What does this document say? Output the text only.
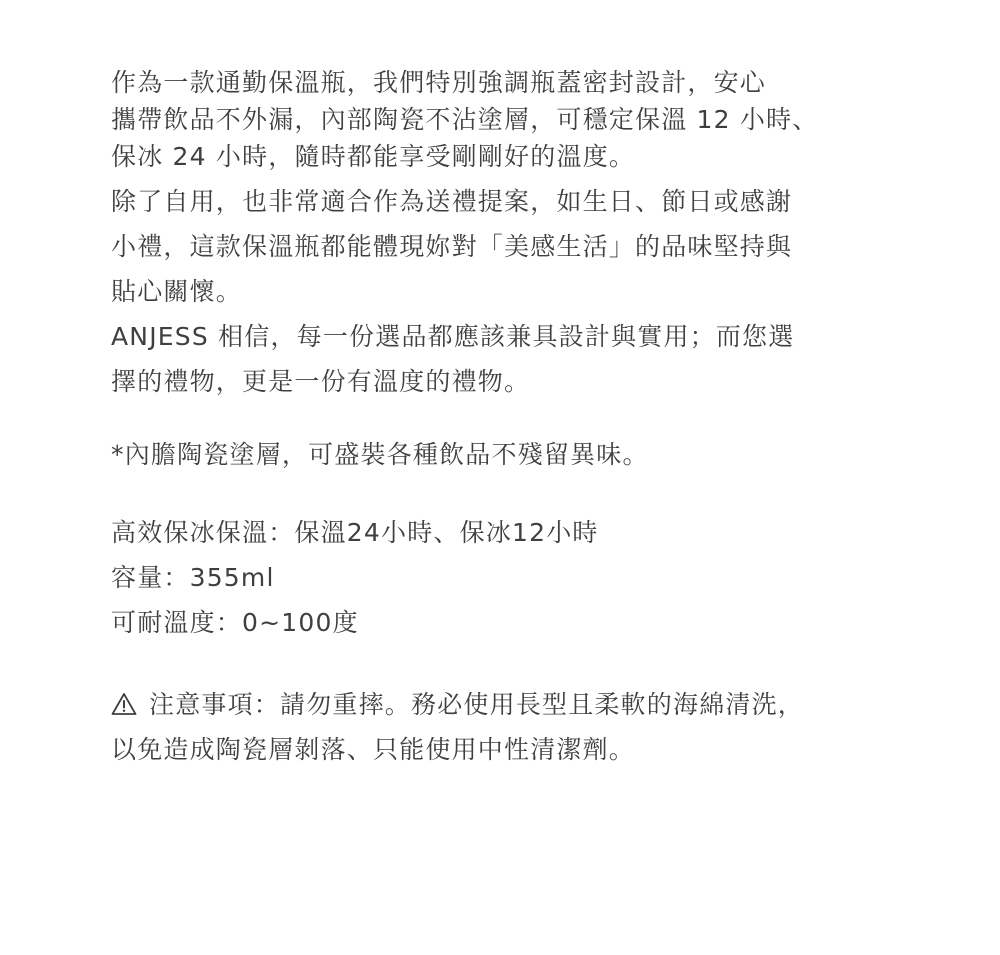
作為一款通勤保溫瓶，我們特別強調瓶蓋密封設計，安心
攜帶飲品不外漏，內部陶瓷不沾塗層，可穩定保溫 12 小時、
保冰 24 小時，隨時都能享受剛剛好的溫度。
除了自用，也非常適合作為送禮提案，如生日、節日或感謝
小禮，這款保溫瓶都能體現妳對「美感生活」的品味堅持與
貼心關懷。
ANJESS 相信，每一份選品都應該兼具設計與實用；而您選
擇的禮物，更是一份有溫度的禮物。

*內膽陶瓷塗層，可盛裝各種飲品不殘留異味。

高效保冰保溫：保溫24小時、保冰12小時
容量：355ml
可耐溫度：0~100度
注意事項：請勿重摔。務必使用長型且柔軟的海綿清洗，
以免造成陶瓷層剝落、只能使用中性清潔劑。
